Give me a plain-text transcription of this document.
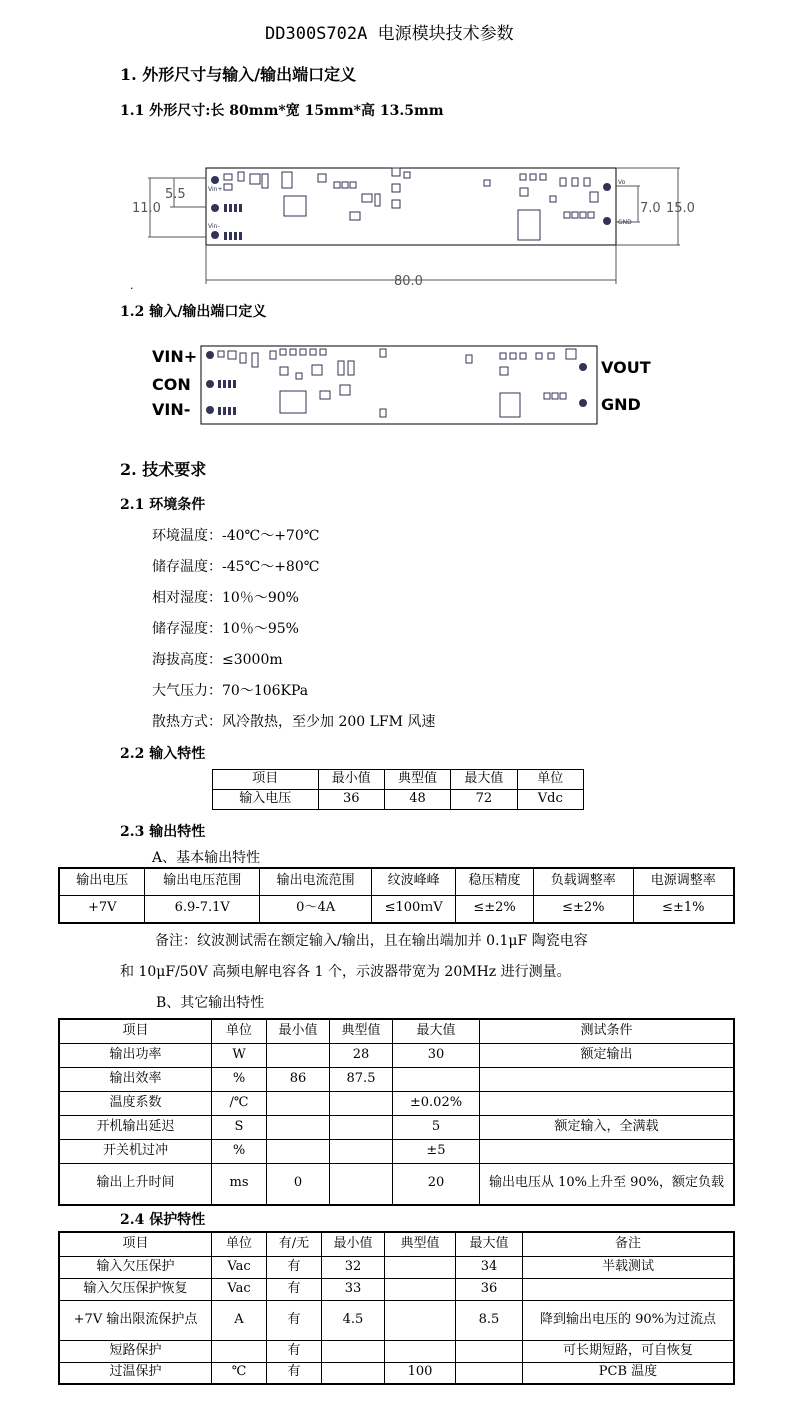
DD300S702A 电源模块技术参数
1. 外形尺寸与输入/输出端口定义
1.1 外形尺寸:长 80mm*宽 15mm*高 13.5mm
5.5
11.0	7.0 15.0
80.0
Vin+
Vin-
Vo
GND
.
1.2 输入/输出端口定义
VIN+
CON
VIN-
VOUT
GND
2. 技术要求
2.1 环境条件
环境温度：-40℃～+70℃
储存温度：-45℃～+80℃
相对湿度：10％～90%
储存湿度：10％～95%
海拔高度：≤3000m
大气压力：70～106KPa
散热方式：风冷散热，至少加 200 LFM 风速
2.2 输入特性
项目	最小值	典型值	最大值	单位
输入电压	36	48	72	Vdc
2.3 输出特性
A、基本输出特性
输出电压	输出电压范围	输出电流范围	纹波峰峰	稳压精度	负载调整率	电源调整率
+7V	6.9-7.1V	0～4A	≤100ｍV	≤±2%	≤±2%	≤±1%
备注：纹波测试需在额定输入/输出，且在输出端加并 0.1μF 陶瓷电容
和 10μF/50V 高频电解电容各 1 个，示波器带宽为 20MHz 进行测量。
B、其它输出特性
项目	单位	最小值	典型值	最大值	测试条件
输出功率	W		28	30	额定输出
输出效率	%	86	87.5		
温度系数	/℃			±0.02%	
开机输出延迟	S			5	额定输入，全满载
开关机过冲	%			±5	
输出上升时间	ms	0		20	输出电压从 10%上升至 90%，额定负载
2.4 保护特性
项目	单位	有/无	最小值	典型值	最大值	备注
输入欠压保护	Vac	有	32		34	半载测试
输入欠压保护恢复	Vac	有	33		36	
+7V 输出限流保护点	A	有	4.5		8.5	降到输出电压的 90%为过流点
短路保护		有				可长期短路，可自恢复
过温保护	℃	有		100		PCB 温度
